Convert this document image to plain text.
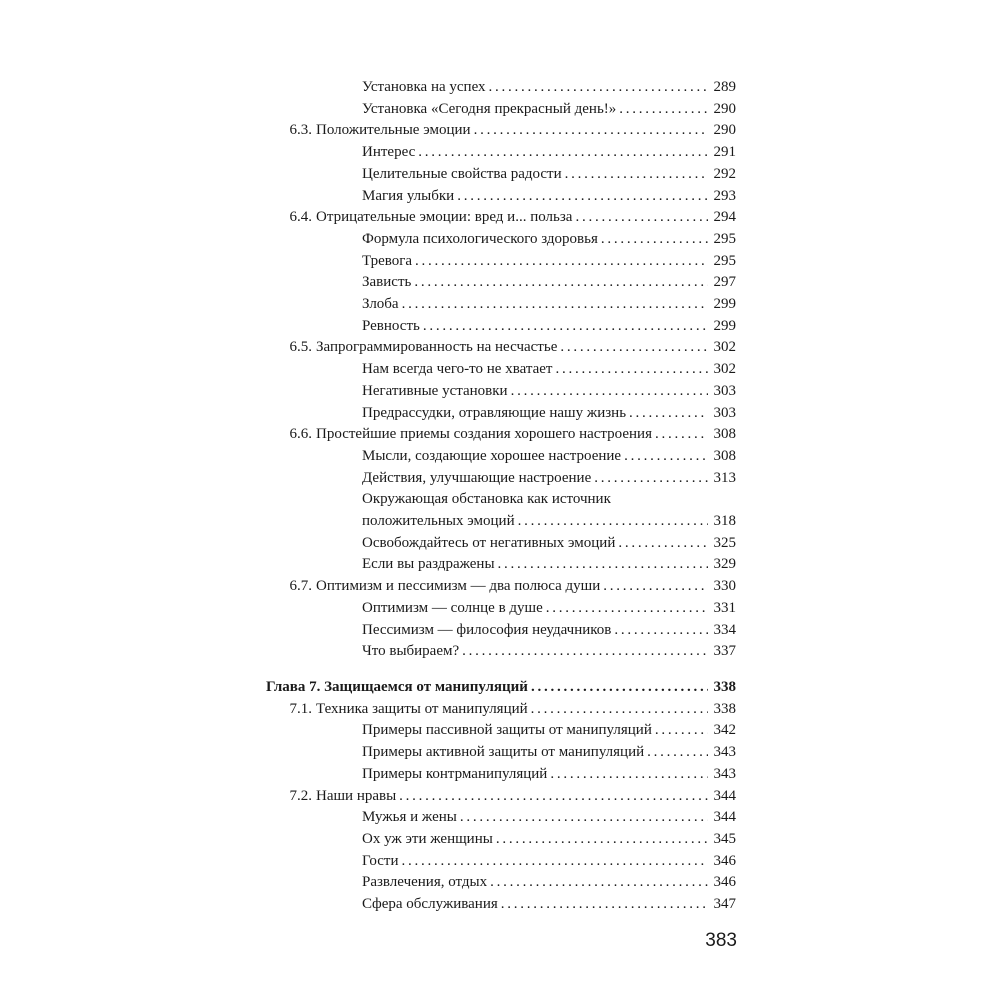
Установка на успех . . .	289
Установка «Сегодня прекрасный день!» . . .	290
6.3. Положительные эмоции . . .	290
Интерес . . .	291
Целительные свойства радости . . .	292
Магия улыбки . . .	293
6.4. Отрицательные эмоции: вред и... польза . . .	294
Формула психологического здоровья . . .	295
Тревога . . .	295
Зависть . . .	297
Злоба . . .	299
Ревность . . .	299
6.5. Запрограммированность на несчастье . . .	302
Нам всегда чего-то не хватает . . .	302
Негативные установки . . .	303
Предрассудки, отравляющие нашу жизнь . . .	303
6.6. Простейшие приемы создания хорошего настроения . . .	308
Мысли, создающие хорошее настроение . . .	308
Действия, улучшающие настроение . . .	313
Окружающая обстановка как источник
положительных эмоций . . .	318
Освобождайтесь от негативных эмоций . . .	325
Если вы раздражены . . .	329
6.7. Оптимизм и пессимизм — два полюса души . . .	330
Оптимизм — солнце в душе . . .	331
Пессимизм — философия неудачников . . .	334
Что выбираем? . . .	337
Глава 7. Защищаемся от манипуляций . . .	338
7.1. Техника защиты от манипуляций . . .	338
Примеры пассивной защиты от манипуляций . . .	342
Примеры активной защиты от манипуляций . . .	343
Примеры контрманипуляций . . .	343
7.2. Наши нравы . . .	344
Мужья и жены . . .	344
Ох уж эти женщины . . .	345
Гости . . .	346
Развлечения, отдых . . .	346
Сфера обслуживания . . .	347
383
